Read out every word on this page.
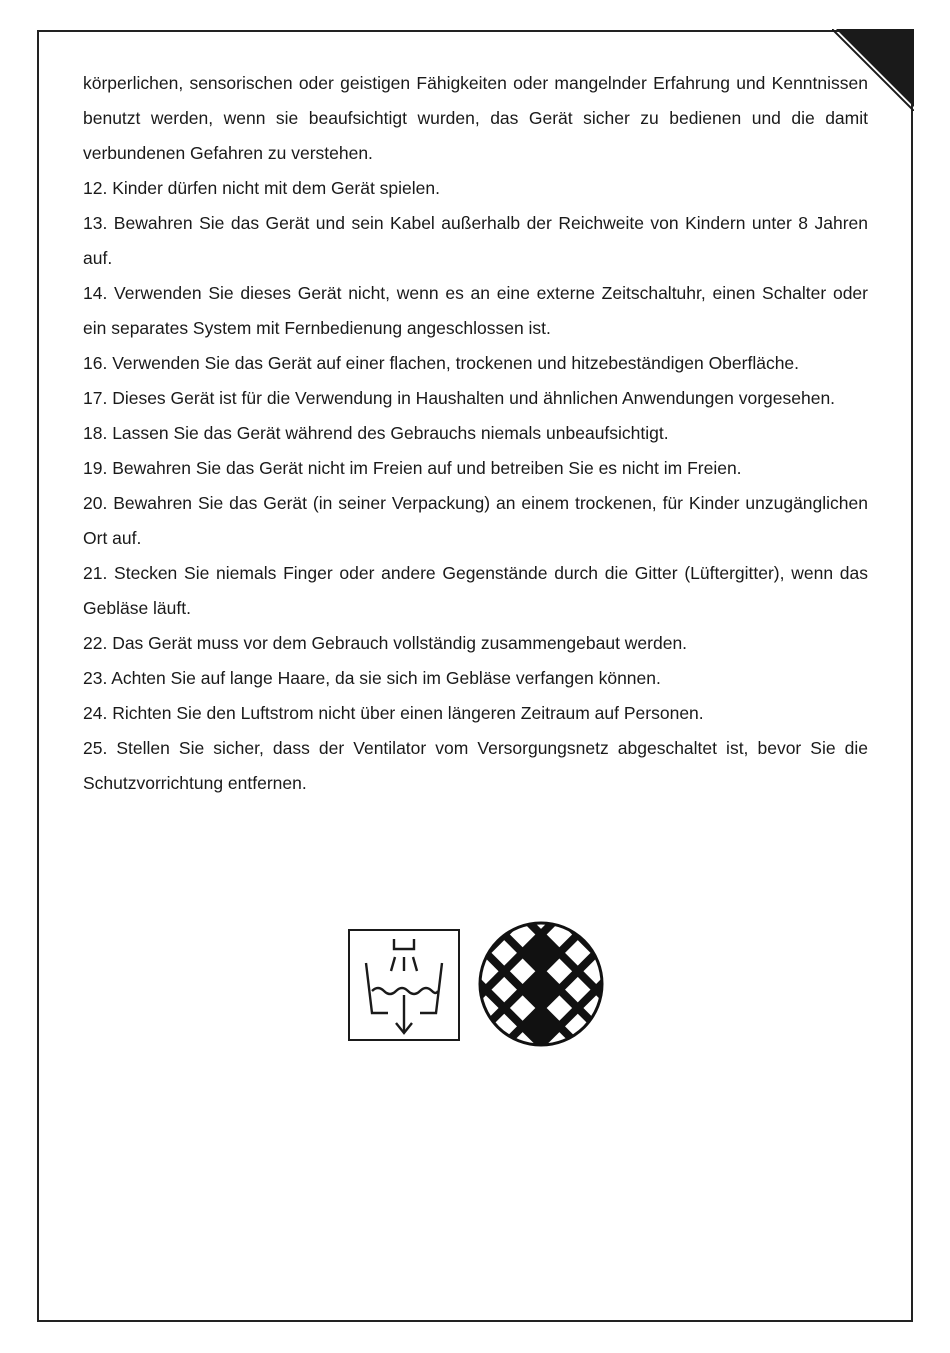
körperlichen, sensorischen oder geistigen Fähigkeiten oder mangelnder Erfahrung und Kenntnissen benutzt werden, wenn sie beaufsichtigt wurden, das Gerät sicher zu bedienen und die damit verbundenen Gefahren zu verstehen.

12. Kinder dürfen nicht mit dem Gerät spielen.

13. Bewahren Sie das Gerät und sein Kabel außerhalb der Reichweite von Kindern unter 8 Jahren auf.

14. Verwenden Sie dieses Gerät nicht, wenn es an eine externe Zeitschaltuhr, einen Schalter oder ein separates System mit Fernbedienung angeschlossen ist.

16. Verwenden Sie das Gerät auf einer flachen, trockenen und hitzebeständigen Oberfläche.

17. Dieses Gerät ist für die Verwendung in Haushalten und ähnlichen Anwendungen vorgesehen.

18. Lassen Sie das Gerät während des Gebrauchs niemals unbeaufsichtigt.

19. Bewahren Sie das Gerät nicht im Freien auf und betreiben Sie es nicht im Freien.

20. Bewahren Sie das Gerät (in seiner Verpackung) an einem trockenen, für Kinder unzugänglichen Ort auf.

21. Stecken Sie niemals Finger oder andere Gegenstände durch die Gitter (Lüftergitter), wenn das Gebläse läuft.

22. Das Gerät muss vor dem Gebrauch vollständig zusammengebaut werden.

23. Achten Sie auf lange Haare, da sie sich im Gebläse verfangen können.

24. Richten Sie den Luftstrom nicht über einen längeren Zeitraum auf Personen.

25. Stellen Sie sicher, dass der Ventilator vom Versorgungsnetz abgeschaltet ist, bevor Sie die Schutzvorrichtung entfernen.
